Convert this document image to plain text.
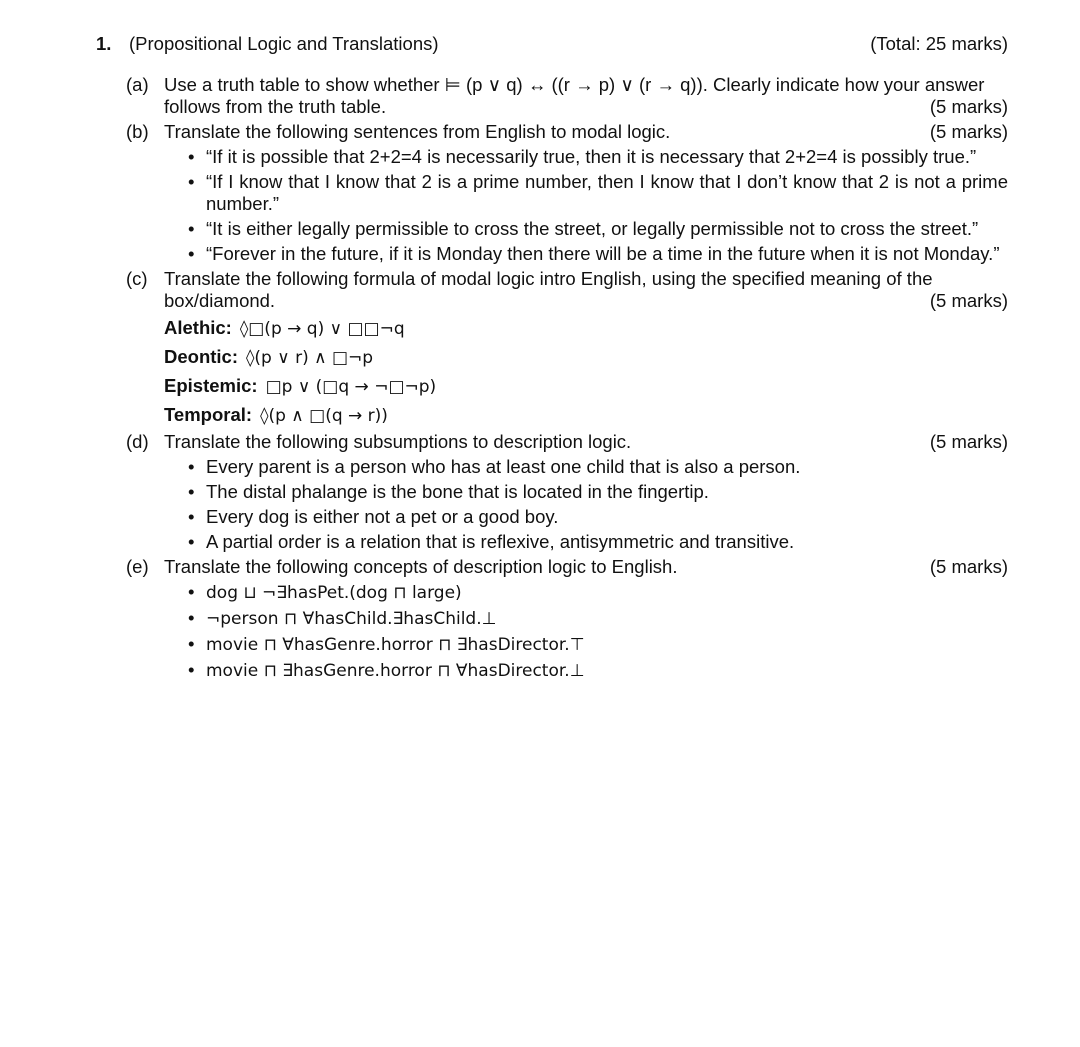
1. (Propositional Logic and Translations)	(Total: 25 marks)
(a) Use a truth table to show whether ⊨ (p ∨ q) ↔ ((r → p) ∨ (r → q)). Clearly indicate how your answer follows from the truth table.	(5 marks)
(b)	(5 marks)
Translate the following sentences from English to modal logic.
• “If it is possible that 2+2=4 is necessarily true, then it is necessary that 2+2=4 is possibly true.”
• “If I know that I know that 2 is a prime number, then I know that I don’t know that 2 is not a prime number.”
• “It is either legally permissible to cross the street, or legally permissible not to cross the street.”
• “Forever in the future, if it is Monday then there will be a time in the future when it is not Monday.”
(c) Translate the following formula of modal logic intro English, using the specified meaning of the box/diamond.	(5 marks)
Alethic: ◊□(p → q) ∨ □□¬q
Deontic: ◊(p ∨ r) ∧ □¬p
Epistemic: □p ∨ (□q → ¬□¬p)
Temporal: ◊(p ∧ □(q → r))
(d)	(5 marks)
Translate the following subsumptions to description logic.
• Every parent is a person who has at least one child that is also a person.
• The distal phalange is the bone that is located in the fingertip.
• Every dog is either not a pet or a good boy.
• A partial order is a relation that is reflexive, antisymmetric and transitive.
(e)	(5 marks)
Translate the following concepts of description logic to English.
• dog ⊔ ¬∃hasPet.(dog ⊓ large)
• ¬person ⊓ ∀hasChild.∃hasChild.⊥
• movie ⊓ ∀hasGenre.horror ⊓ ∃hasDirector.⊤
• movie ⊓ ∃hasGenre.horror ⊓ ∀hasDirector.⊥
